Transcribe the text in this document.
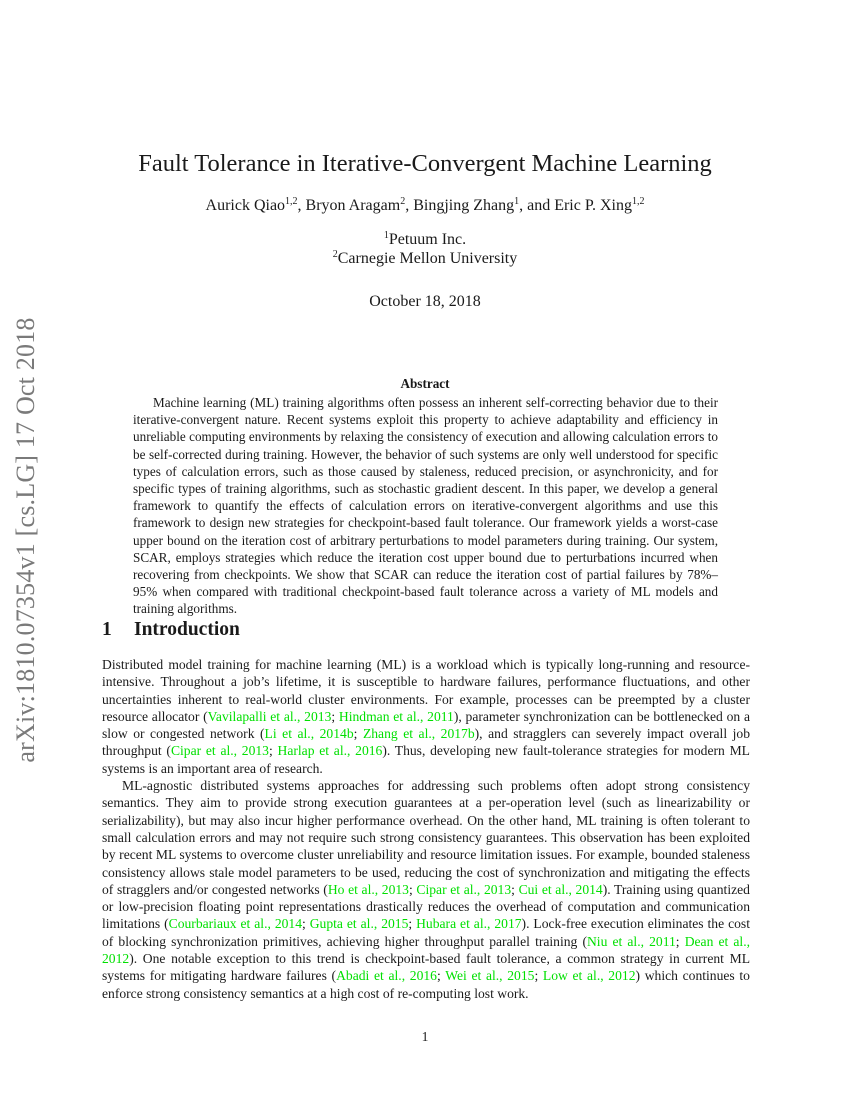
arXiv:1810.07354v1 [cs.LG] 17 Oct 2018
Fault Tolerance in Iterative-Convergent Machine Learning
Aurick Qiao$^{1,2}$, Bryon Aragam$^2$, Bingjing Zhang$^1$, and Eric P. Xing$^{1,2}$
$^1$Petuum Inc.
$^2$Carnegie Mellon University
October 18, 2018
Abstract

Machine learning (ML) training algorithms often possess an inherent self-correcting behavior due to their iterative-convergent nature. Recent systems exploit this property to achieve adaptability and efficiency in unreliable computing environments by relaxing the consistency of execution and allowing calculation errors to be self-corrected during training. However, the behavior of such systems are only well understood for specific types of calculation errors, such as those caused by staleness, reduced precision, or asynchronicity, and for specific types of training algorithms, such as stochastic gradient descent. In this paper, we develop a general framework to quantify the effects of calculation errors on iterative-convergent algorithms and use this framework to design new strategies for checkpoint-based fault tolerance. Our framework yields a worst-case upper bound on the iteration cost of arbitrary perturbations to model parameters during training. Our system, SCAR, employs strategies which reduce the iteration cost upper bound due to perturbations incurred when recovering from checkpoints. We show that SCAR can reduce the iteration cost of partial failures by 78%–95% when compared with traditional checkpoint-based fault tolerance across a variety of ML models and training algorithms.

1 Introduction

Distributed model training for machine learning (ML) is a workload which is typically long-running and resource-intensive. Throughout a job’s lifetime, it is susceptible to hardware failures, performance fluctuations, and other uncertainties inherent to real-world cluster environments. For example, processes can be preempted by a cluster resource allocator (Vavilapalli et al., 2013; Hindman et al., 2011), parameter synchronization can be bottlenecked on a slow or congested network (Li et al., 2014b; Zhang et al., 2017b), and stragglers can severely impact overall job throughput (Cipar et al., 2013; Harlap et al., 2016). Thus, developing new fault-tolerance strategies for modern ML systems is an important area of research.

ML-agnostic distributed systems approaches for addressing such problems often adopt strong consistency semantics. They aim to provide strong execution guarantees at a per-operation level (such as linearizability or serializability), but may also incur higher performance overhead. On the other hand, ML training is often tolerant to small calculation errors and may not require such strong consistency guarantees. This observation has been exploited by recent ML systems to overcome cluster unreliability and resource limitation issues. For example, bounded staleness consistency allows stale model parameters to be used, reducing the cost of synchronization and mitigating the effects of stragglers and/or congested networks (Ho et al., 2013; Cipar et al., 2013; Cui et al., 2014). Training using quantized or low-precision floating point representations drastically reduces the overhead of computation and communication limitations (Courbariaux et al., 2014; Gupta et al., 2015; Hubara et al., 2017). Lock-free execution eliminates the cost of blocking synchronization primitives, achieving higher throughput parallel training (Niu et al., 2011; Dean et al., 2012). One notable exception to this trend is checkpoint-based fault tolerance, a common strategy in current ML systems for mitigating hardware failures (Abadi et al., 2016; Wei et al., 2015; Low et al., 2012) which continues to enforce strong consistency semantics at a high cost of re-computing lost work.

1
